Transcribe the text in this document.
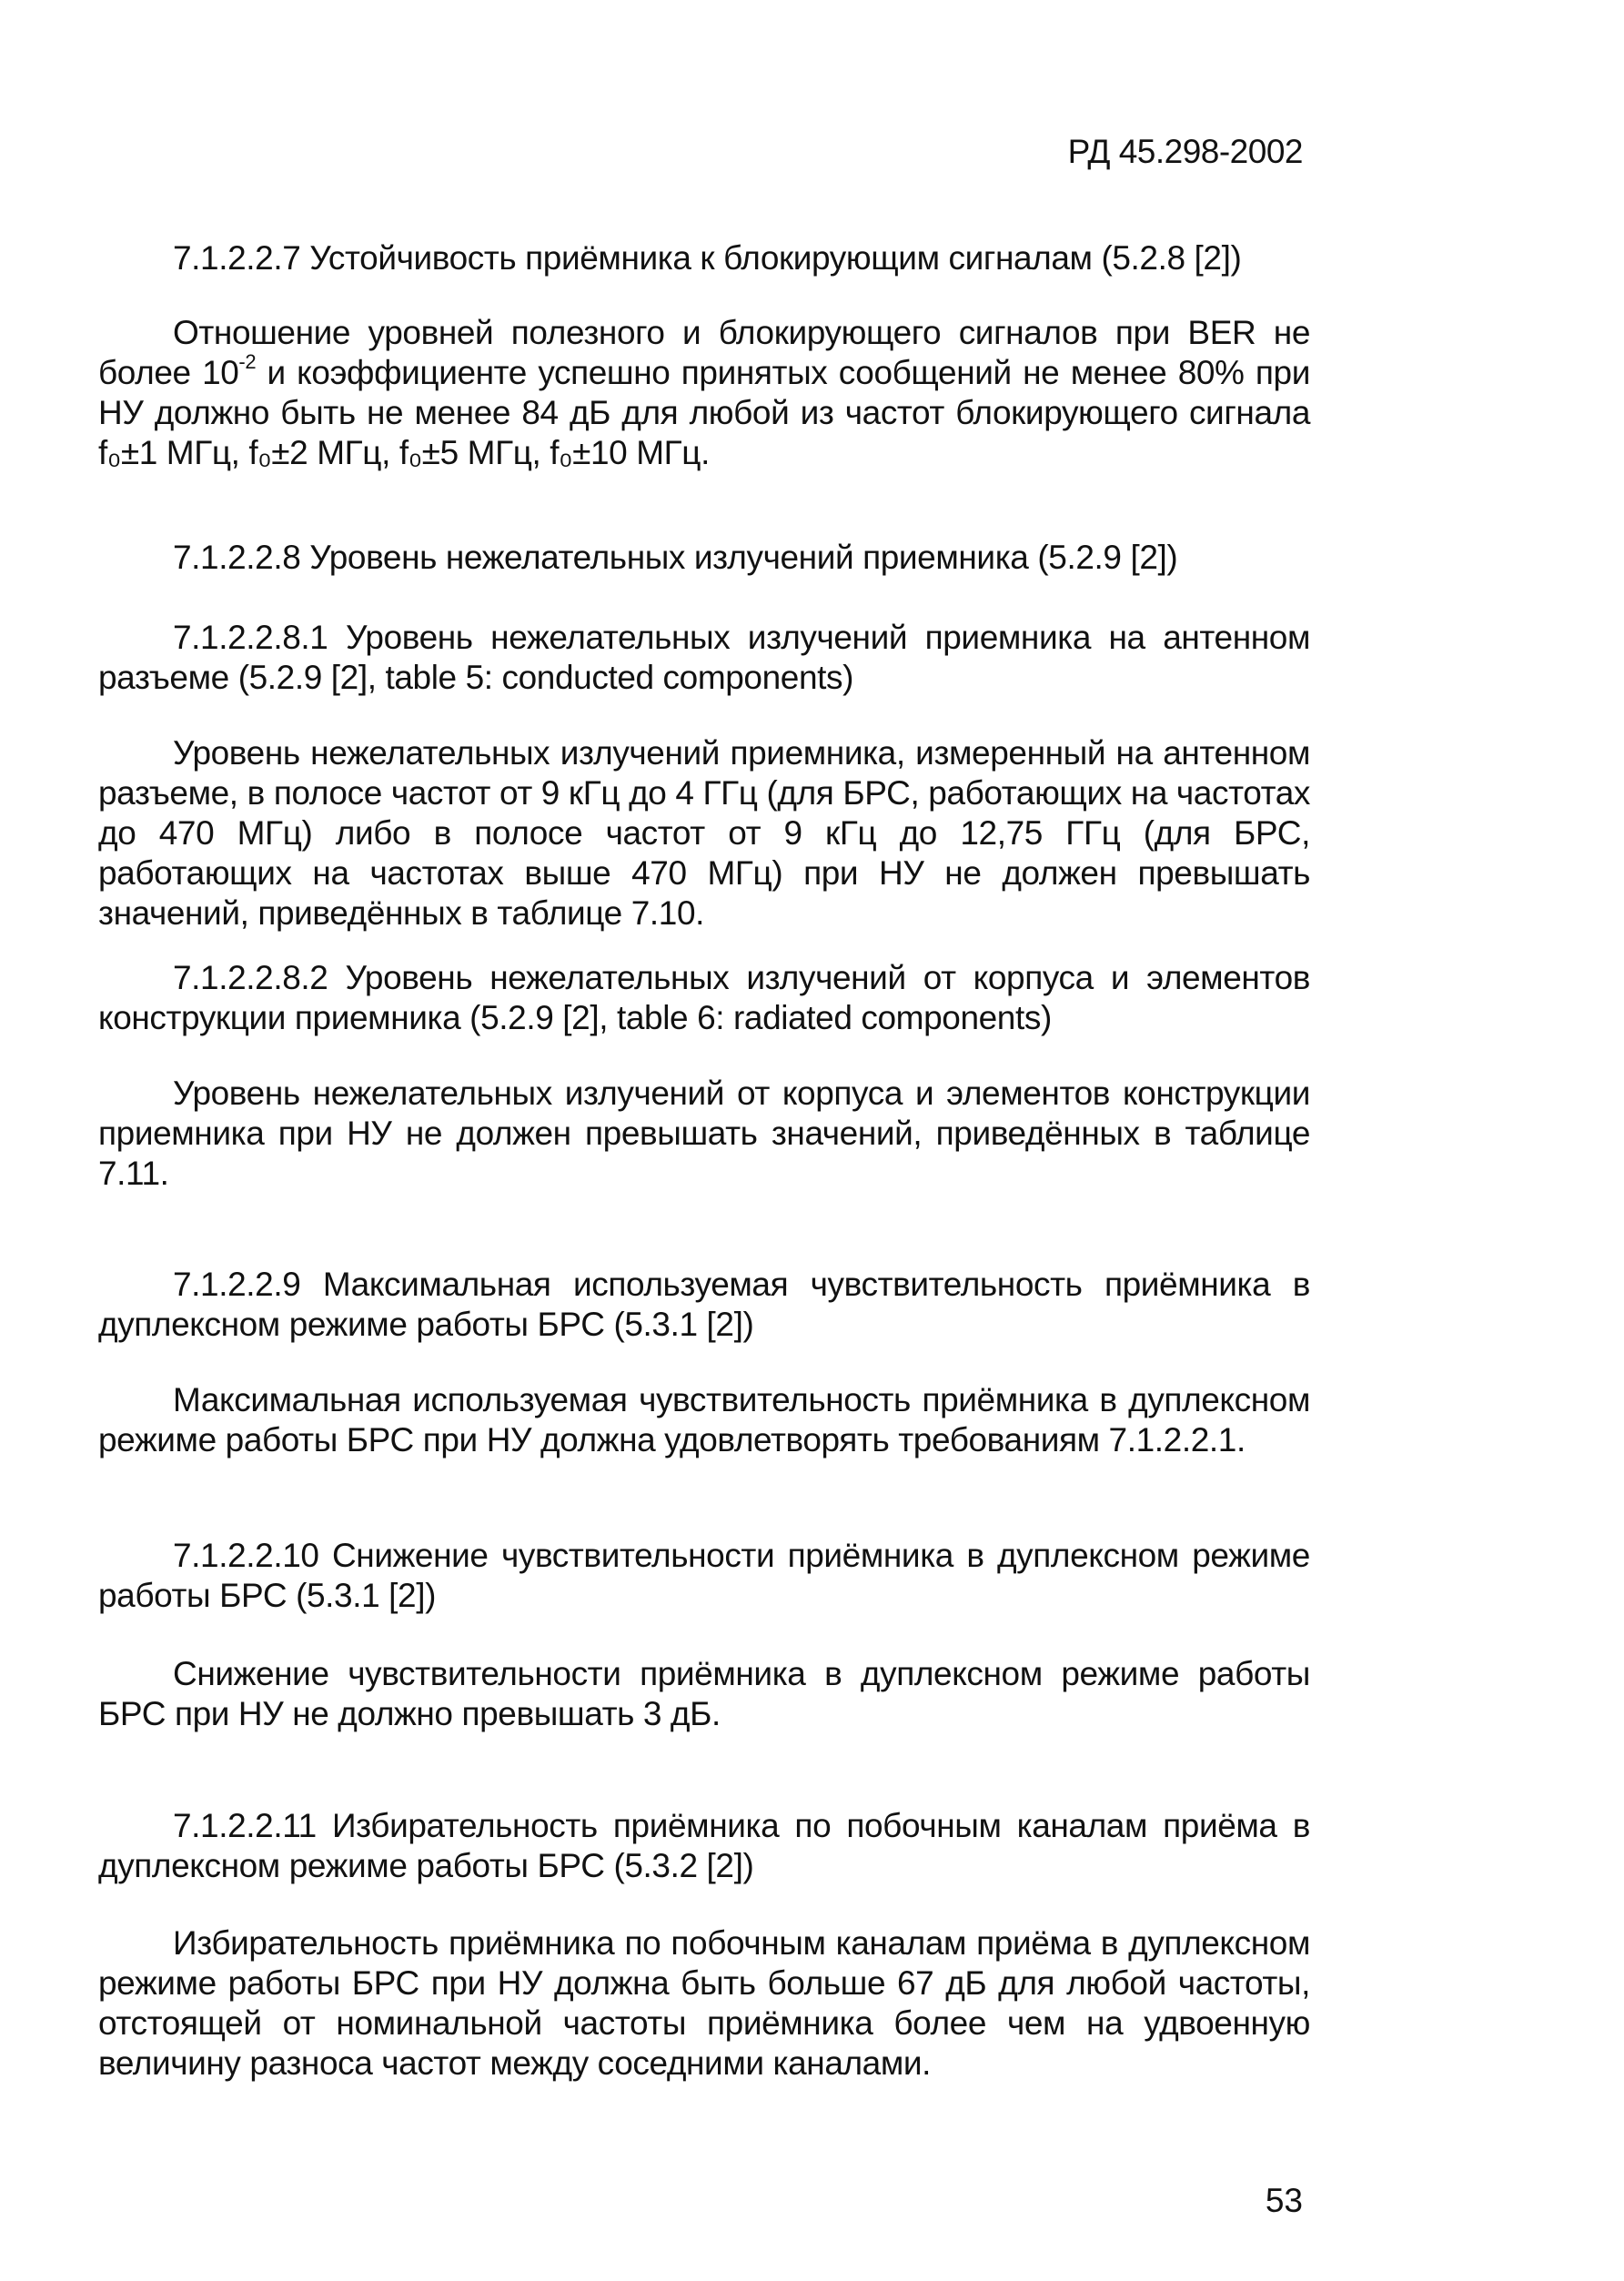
РД 45.298-2002
7.1.2.2.7 Устойчивость приёмника к блокирующим сигналам (5.2.8 [2])
Отношение уровней полезного и блокирующего сигналов при BER не более $10^{-2}$ и коэффициенте успешно принятых сообщений не менее 80% при НУ должно быть не менее 84 дБ для любой из частот блокирующего сигнала f₀±1 МГц, f₀±2 МГц, f₀±5 МГц, f₀±10 МГц.
7.1.2.2.8 Уровень нежелательных излучений приемника (5.2.9 [2])
7.1.2.2.8.1 Уровень нежелательных излучений приемника на антенном разъеме (5.2.9 [2], table 5: conducted components)
Уровень нежелательных излучений приемника, измеренный на антенном разъеме, в полосе частот от 9 кГц до 4 ГГц (для БРС, работающих на частотах до 470 МГц) либо в полосе частот от 9 кГц до 12,75 ГГц (для БРС, работающих на частотах выше 470 МГц) при НУ не должен превышать значений, приведённых в таблице 7.10.
7.1.2.2.8.2 Уровень нежелательных излучений от корпуса и элементов конструкции приемника (5.2.9 [2], table 6: radiated components)
Уровень нежелательных излучений от корпуса и элементов конструкции приемника при НУ не должен превышать значений, приведённых в таблице 7.11.
7.1.2.2.9 Максимальная используемая чувствительность приёмника в дуплексном режиме работы БРС (5.3.1 [2])
Максимальная используемая чувствительность приёмника в дуплексном режиме работы БРС при НУ должна удовлетворять требованиям 7.1.2.2.1.
7.1.2.2.10 Снижение чувствительности приёмника в дуплексном режиме работы БРС (5.3.1 [2])
Снижение чувствительности приёмника в дуплексном режиме работы БРС при НУ не должно превышать 3 дБ.
7.1.2.2.11 Избирательность приёмника по побочным каналам приёма в дуплексном режиме работы БРС (5.3.2 [2])
Избирательность приёмника по побочным каналам приёма в дуплексном режиме работы БРС при НУ должна быть больше 67 дБ для любой частоты, отстоящей от номинальной частоты приёмника более чем на удвоенную величину разноса частот между соседними каналами.
53
